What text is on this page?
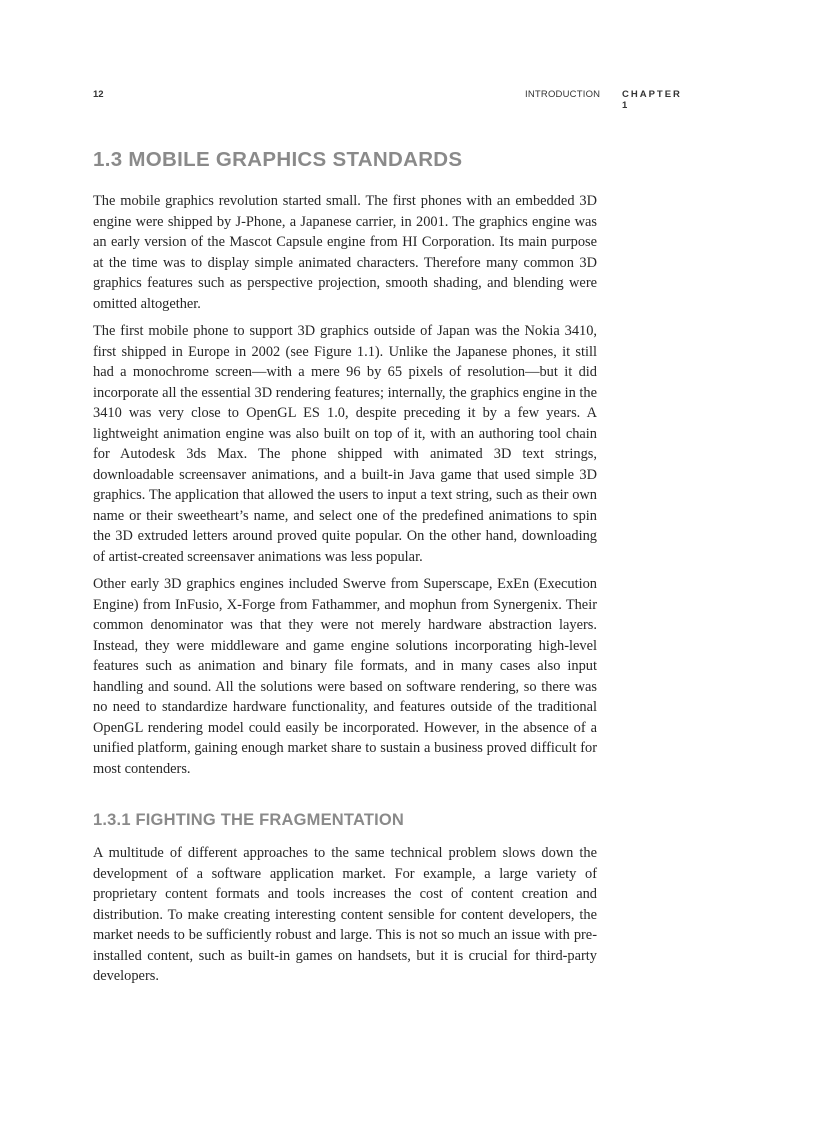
12	INTRODUCTION CHAPTER 1
1.3 MOBILE GRAPHICS STANDARDS

The mobile graphics revolution started small. The first phones with an embedded 3D engine were shipped by J-Phone, a Japanese carrier, in 2001. The graphics engine was an early version of the Mascot Capsule engine from HI Corporation. Its main purpose at the time was to display simple animated characters. Therefore many common 3D graphics features such as perspective projection, smooth shading, and blending were omitted altogether.

The first mobile phone to support 3D graphics outside of Japan was the Nokia 3410, first shipped in Europe in 2002 (see Figure 1.1). Unlike the Japanese phones, it still had a monochrome screen—with a mere 96 by 65 pixels of resolution—but it did incorporate all the essential 3D rendering features; internally, the graphics engine in the 3410 was very close to OpenGL ES 1.0, despite preceding it by a few years. A lightweight animation engine was also built on top of it, with an authoring tool chain for Autodesk 3ds Max. The phone shipped with animated 3D text strings, downloadable screensaver animations, and a built-in Java game that used simple 3D graphics. The application that allowed the users to input a text string, such as their own name or their sweetheart’s name, and select one of the predefined animations to spin the 3D extruded letters around proved quite popular. On the other hand, downloading of artist-created screensaver animations was less popular.

Other early 3D graphics engines included Swerve from Superscape, ExEn (Execution Engine) from InFusio, X-Forge from Fathammer, and mophun from Synergenix. Their common denominator was that they were not merely hardware abstraction layers. Instead, they were middleware and game engine solutions incorporating high-level features such as animation and binary file formats, and in many cases also input handling and sound. All the solutions were based on software rendering, so there was no need to standardize hardware functionality, and features outside of the traditional OpenGL rendering model could easily be incorporated. However, in the absence of a unified platform, gaining enough market share to sustain a business proved difficult for most contenders.

1.3.1 FIGHTING THE FRAGMENTATION

A multitude of different approaches to the same technical problem slows down the development of a software application market. For example, a large variety of proprietary content formats and tools increases the cost of content creation and distribution. To make creating interesting content sensible for content developers, the market needs to be sufficiently robust and large. This is not so much an issue with pre-installed content, such as built-in games on handsets, but it is crucial for third-party developers.
